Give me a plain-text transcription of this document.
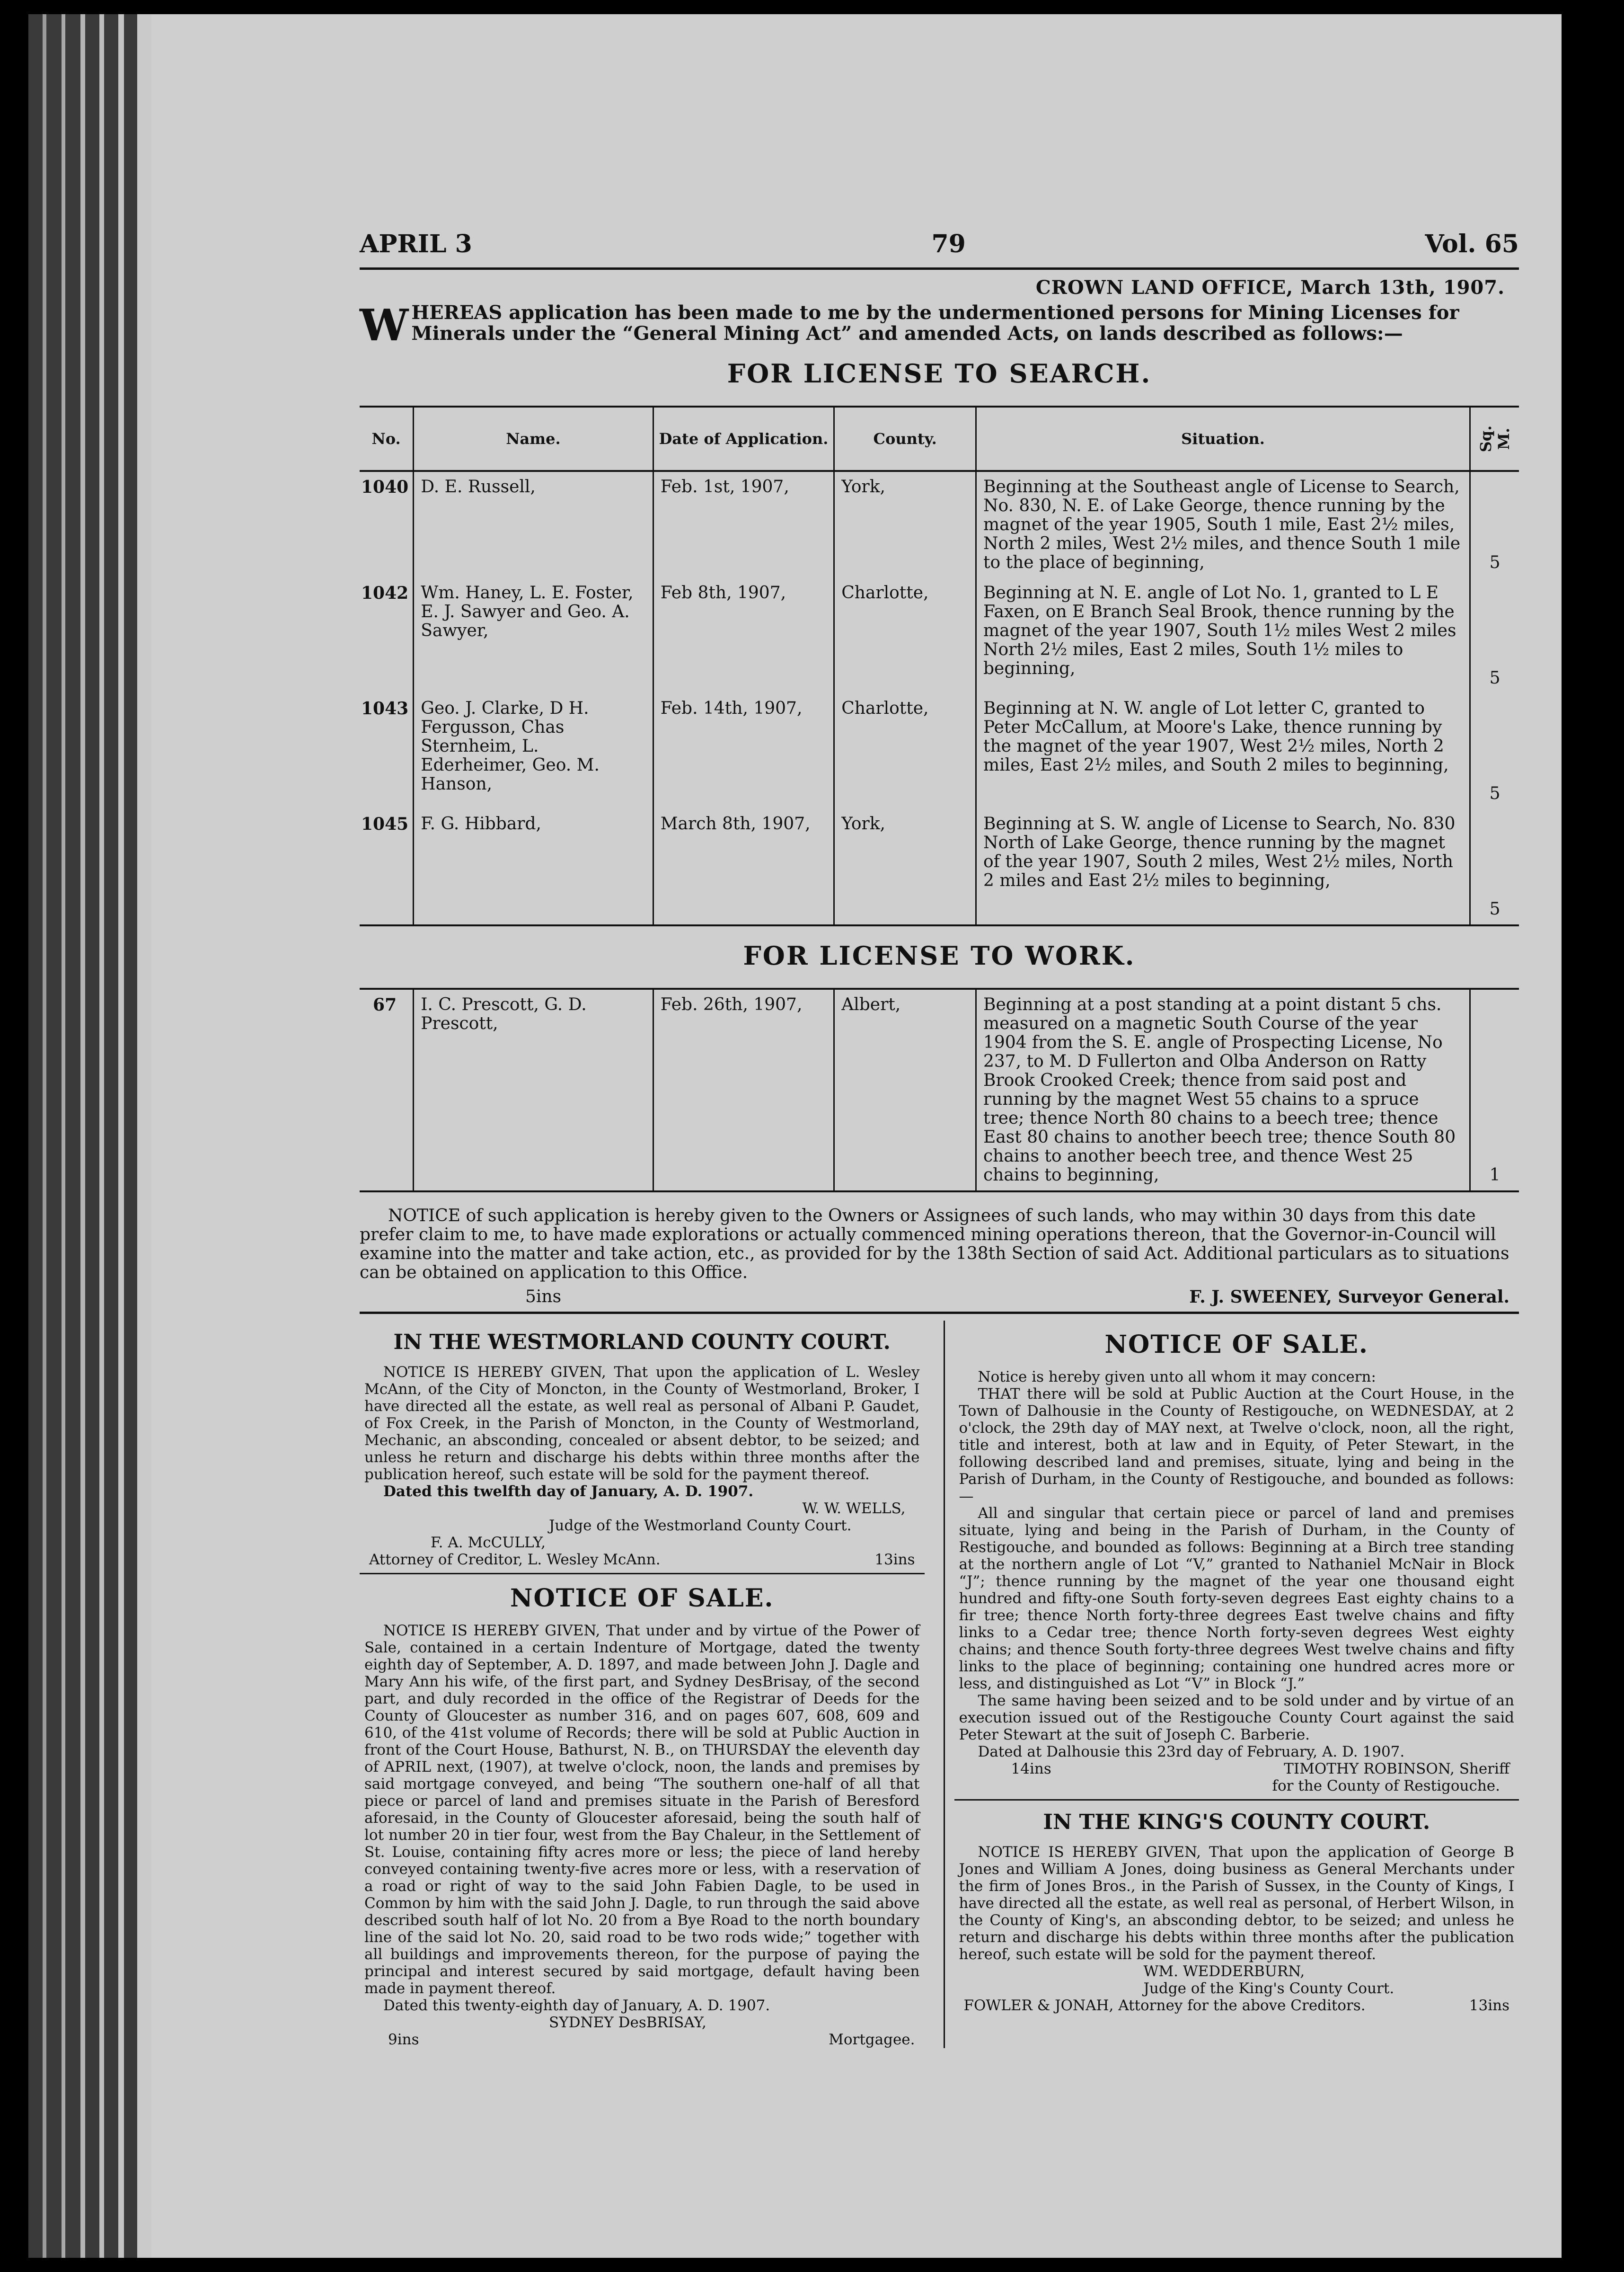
APRIL 3	79	Vol. 65
CROWN LAND OFFICE, March 13th, 1907.
W HEREAS application has been made to me by the undermentioned persons for Mining Licenses for Minerals under the “General Mining Act” and amended Acts, on lands described as follows:—
FOR LICENSE TO SEARCH.
No.	Name.	Date of Application.	County.	Situation.	Sq. M.
1040	D. E. Russell,	Feb. 1st, 1907,	York,	Beginning at the Southeast angle of License to Search, No. 830, N. E. of Lake George, thence running by the magnet of the year 1905, South 1 mile, East 2½ miles, North 2 miles, West 2½ miles, and thence South 1 mile to the place of beginning,	5
1042	Wm. Haney, L. E. Foster, E. J. Sawyer and Geo. A. Sawyer,	Feb 8th, 1907,	Charlotte,	Beginning at N. E. angle of Lot No. 1, granted to L E Faxen, on E Branch Seal Brook, thence running by the magnet of the year 1907, South 1½ miles West 2 miles North 2½ miles, East 2 miles, South 1½ miles to beginning,	5
1043	Geo. J. Clarke, D H. Fergusson, Chas Sternheim, L. Ederheimer, Geo. M. Hanson,	Feb. 14th, 1907,	Charlotte,	Beginning at N. W. angle of Lot letter C, granted to Peter McCallum, at Moore's Lake, thence running by the magnet of the year 1907, West 2½ miles, North 2 miles, East 2½ miles, and South 2 miles to beginning,	5
1045	F. G. Hibbard,	March 8th, 1907,	York,	Beginning at S. W. angle of License to Search, No. 830 North of Lake George, thence running by the magnet of the year 1907, South 2 miles, West 2½ miles, North 2 miles and East 2½ miles to beginning,	5
FOR LICENSE TO WORK.
67	I. C. Prescott, G. D. Prescott,	Feb. 26th, 1907,	Albert,	Beginning at a post standing at a point distant 5 chs. measured on a magnetic South Course of the year 1904 from the S. E. angle of Prospecting License, No 237, to M. D Fullerton and Olba Anderson on Ratty Brook Crooked Creek; thence from said post and running by the magnet West 55 chains to a spruce tree; thence North 80 chains to a beech tree; thence East 80 chains to another beech tree; thence South 80 chains to another beech tree, and thence West 25 chains to beginning,	1
NOTICE of such application is hereby given to the Owners or Assignees of such lands, who may within 30 days from this date prefer claim to me, to have made explorations or actually commenced mining operations thereon, that the Governor-in-Council will examine into the matter and take action, etc., as provided for by the 138th Section of said Act. Additional particulars as to situations can be obtained on application to this Office.
5ins	F. J. SWEENEY, Surveyor General.
IN THE WESTMORLAND COUNTY COURT.
NOTICE IS HEREBY GIVEN, That upon the application of L. Wesley McAnn, of the City of Moncton, in the County of Westmorland, Broker, I have directed all the estate, as well real as personal of Albani P. Gaudet, of Fox Creek, in the Parish of Moncton, in the County of Westmorland, Mechanic, an absconding, concealed or absent debtor, to be seized; and unless he return and discharge his debts within three months after the publication hereof, such estate will be sold for the payment thereof.
Dated this twelfth day of January, A. D. 1907.
W. W. WELLS,
Judge of the Westmorland County Court.
F. A. McCULLY,
Attorney of Creditor, L. Wesley McAnn.	13ins
NOTICE OF SALE.
NOTICE IS HEREBY GIVEN, That under and by virtue of the Power of Sale, contained in a certain Indenture of Mortgage, dated the twenty eighth day of September, A. D. 1897, and made between John J. Dagle and Mary Ann his wife, of the first part, and Sydney DesBrisay, of the second part, and duly recorded in the office of the Registrar of Deeds for the County of Gloucester as number 316, and on pages 607, 608, 609 and 610, of the 41st volume of Records; there will be sold at Public Auction in front of the Court House, Bathurst, N. B., on THURSDAY the eleventh day of APRIL next, (1907), at twelve o'clock, noon, the lands and premises by said mortgage conveyed, and being “The southern one-half of all that piece or parcel of land and premises situate in the Parish of Beresford aforesaid, in the County of Gloucester aforesaid, being the south half of lot number 20 in tier four, west from the Bay Chaleur, in the Settlement of St. Louise, containing fifty acres more or less; the piece of land hereby conveyed containing twenty-five acres more or less, with a reservation of a road or right of way to the said John Fabien Dagle, to be used in Common by him with the said John J. Dagle, to run through the said above described south half of lot No. 20 from a Bye Road to the north boundary line of the said lot No. 20, said road to be two rods wide;” together with all buildings and improvements thereon, for the purpose of paying the principal and interest secured by said mortgage, default having been made in payment thereof.
Dated this twenty-eighth day of January, A. D. 1907.
SYDNEY DesBRISAY,
9ins	Mortgagee.
NOTICE OF SALE.
Notice is hereby given unto all whom it may concern:
THAT there will be sold at Public Auction at the Court House, in the Town of Dalhousie in the County of Restigouche, on WEDNESDAY, at 2 o'clock, the 29th day of MAY next, at Twelve o'clock, noon, all the right, title and interest, both at law and in Equity, of Peter Stewart, in the following described land and premises, situate, lying and being in the Parish of Durham, in the County of Restigouche, and bounded as follows:—
All and singular that certain piece or parcel of land and premises situate, lying and being in the Parish of Durham, in the County of Restigouche, and bounded as follows: Beginning at a Birch tree standing at the northern angle of Lot “V,” granted to Nathaniel McNair in Block “J”; thence running by the magnet of the year one thousand eight hundred and fifty-one South forty-seven degrees East eighty chains to a fir tree; thence North forty-three degrees East twelve chains and fifty links to a Cedar tree; thence North forty-seven degrees West eighty chains; and thence South forty-three degrees West twelve chains and fifty links to the place of beginning; containing one hundred acres more or less, and distinguished as Lot “V” in Block “J.”
The same having been seized and to be sold under and by virtue of an execution issued out of the Restigouche County Court against the said Peter Stewart at the suit of Joseph C. Barberie.
Dated at Dalhousie this 23rd day of February, A. D. 1907.
14ins	TIMOTHY ROBINSON, Sheriff
for the County of Restigouche.
IN THE KING'S COUNTY COURT.
NOTICE IS HEREBY GIVEN, That upon the application of George B Jones and William A Jones, doing business as General Merchants under the firm of Jones Bros., in the Parish of Sussex, in the County of Kings, I have directed all the estate, as well real as personal, of Herbert Wilson, in the County of King's, an absconding debtor, to be seized; and unless he return and discharge his debts within three months after the publication hereof, such estate will be sold for the payment thereof.
WM. WEDDERBURN,
Judge of the King's County Court.
FOWLER & JONAH, Attorney for the above Creditors.	13ins
